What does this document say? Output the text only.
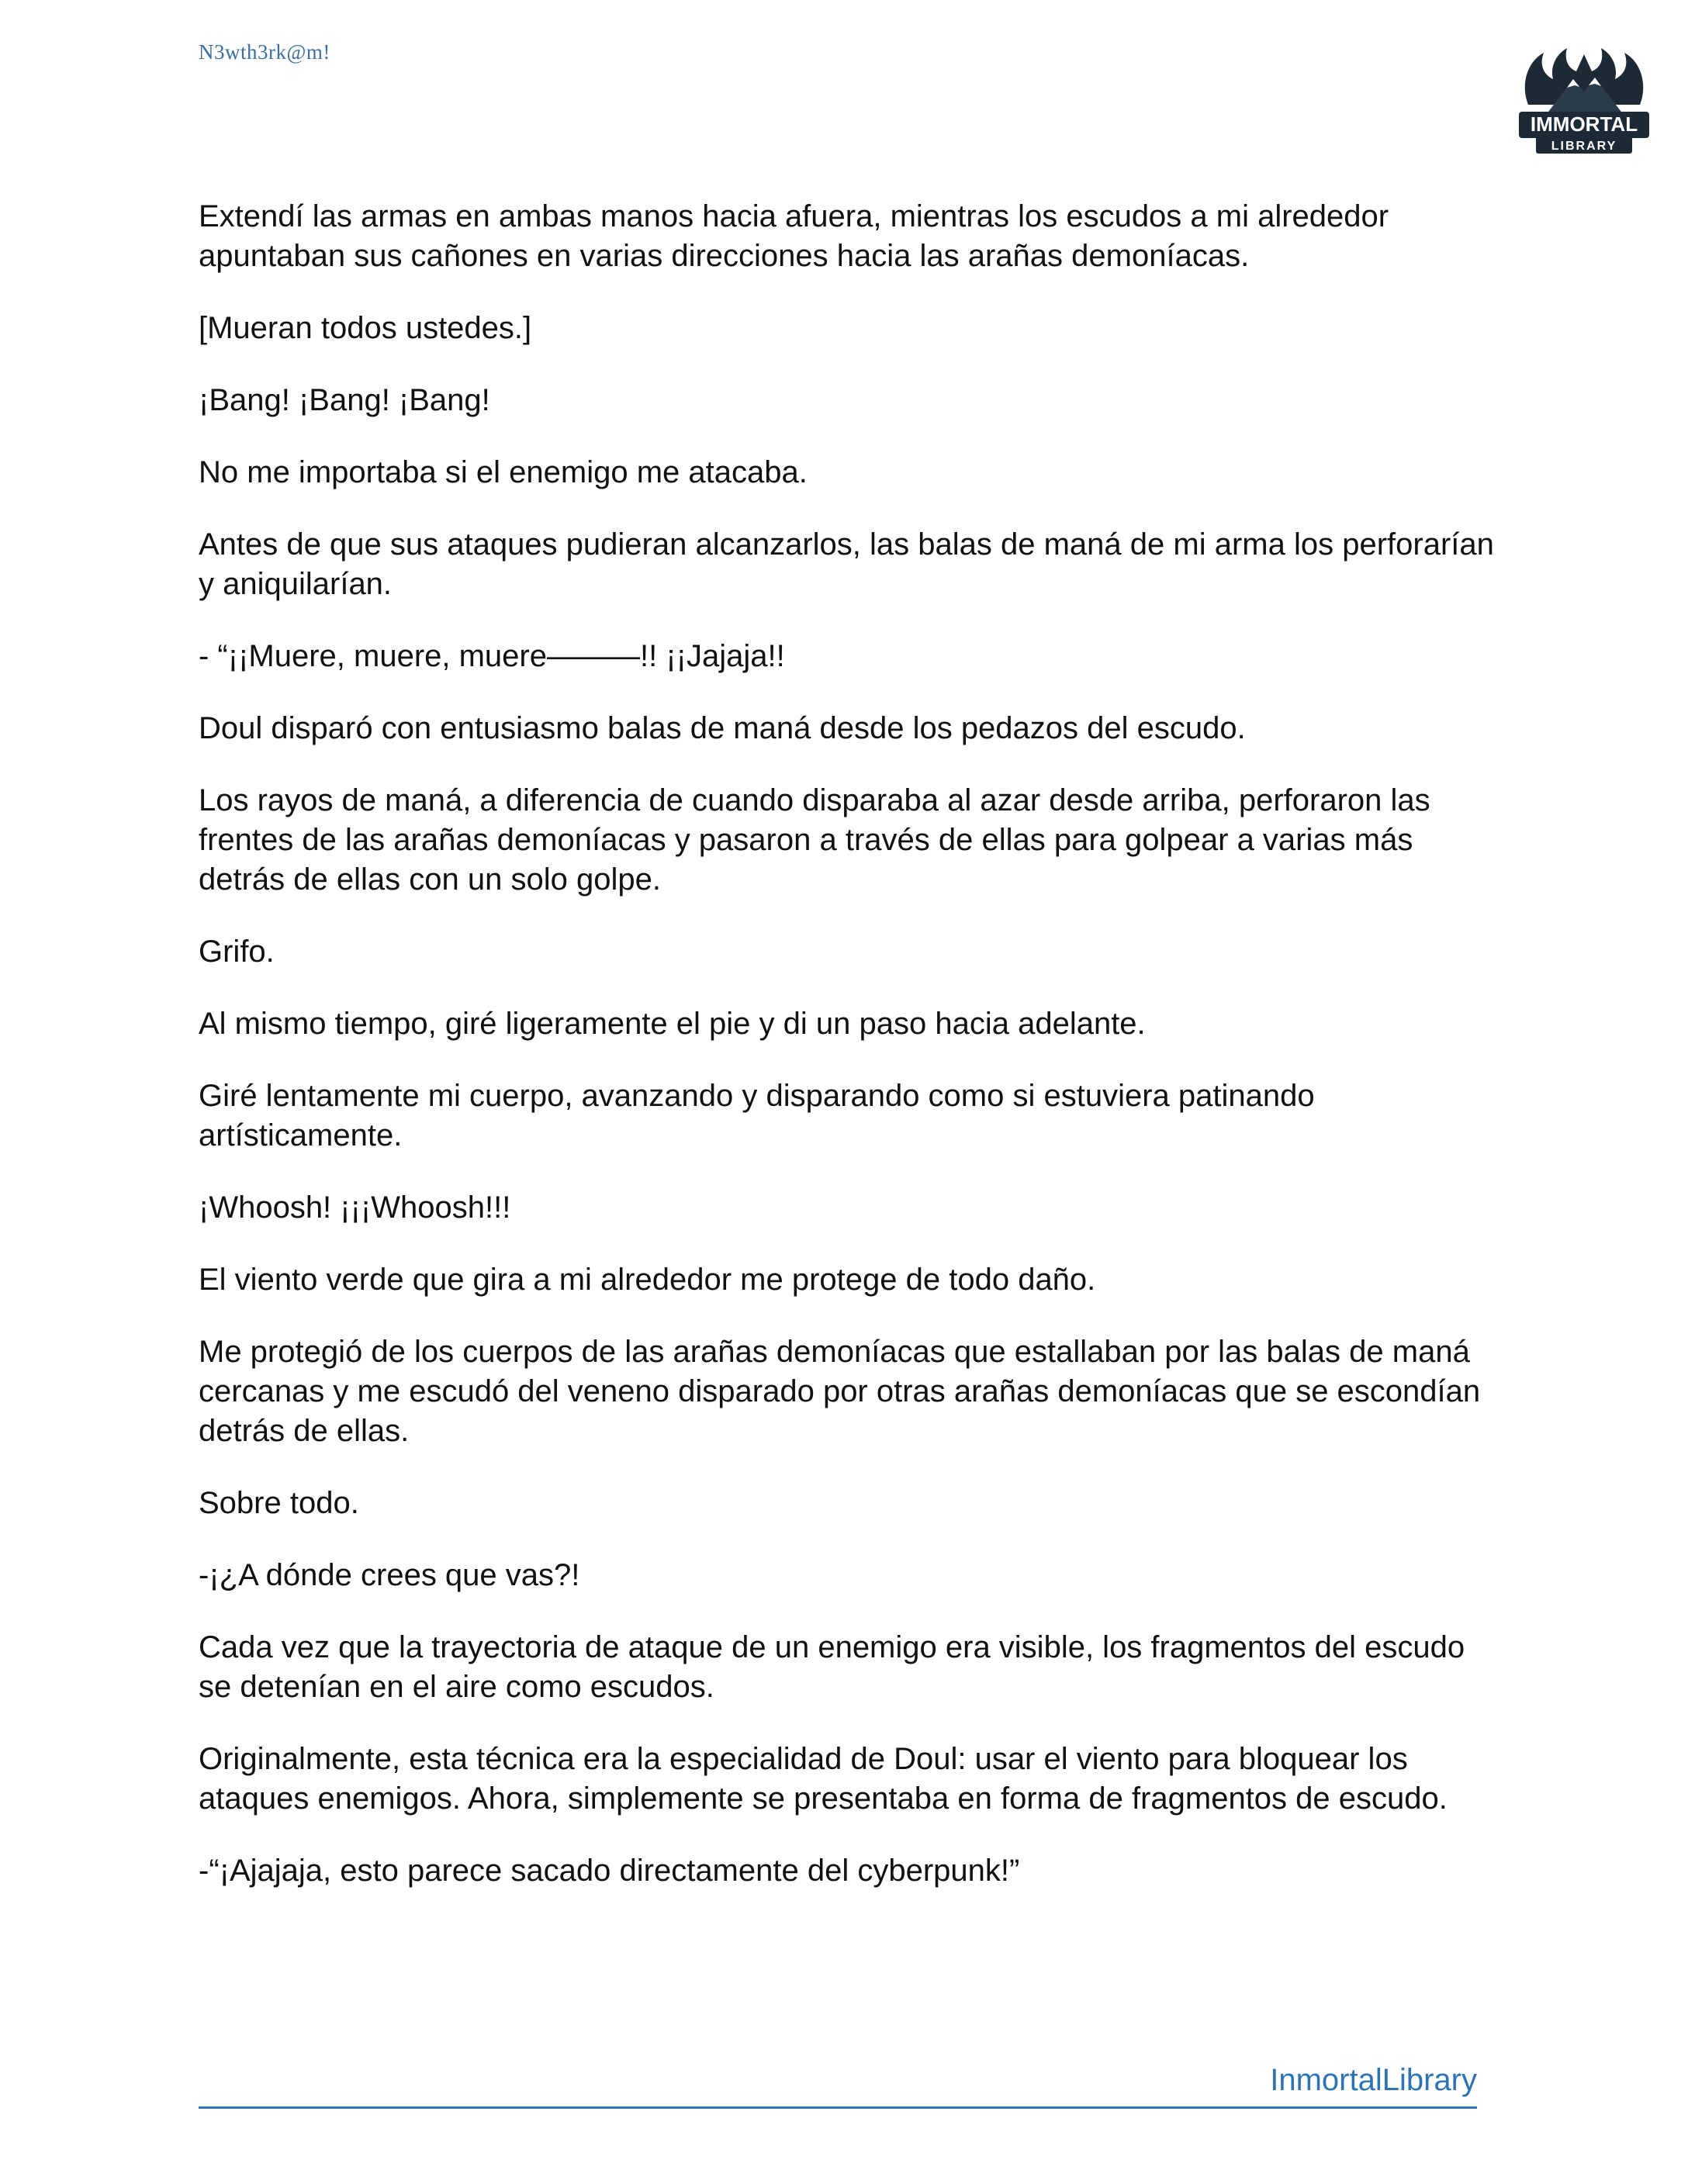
N3wth3rk@m!
IMMORTAL
LIBRARY

Extendí las armas en ambas manos hacia afuera, mientras los escudos a mi alrededor apuntaban sus cañones en varias direcciones hacia las arañas demoníacas.

[Mueran todos ustedes.]

¡Bang! ¡Bang! ¡Bang!

No me importaba si el enemigo me atacaba.

Antes de que sus ataques pudieran alcanzarlos, las balas de maná de mi arma los perforarían y aniquilarían.

- “¡¡Muere, muere, muere———!! ¡¡Jajaja!!

Doul disparó con entusiasmo balas de maná desde los pedazos del escudo.

Los rayos de maná, a diferencia de cuando disparaba al azar desde arriba, perforaron las frentes de las arañas demoníacas y pasaron a través de ellas para golpear a varias más detrás de ellas con un solo golpe.

Grifo.

Al mismo tiempo, giré ligeramente el pie y di un paso hacia adelante.

Giré lentamente mi cuerpo, avanzando y disparando como si estuviera patinando artísticamente.

¡Whoosh! ¡¡¡Whoosh!!!

El viento verde que gira a mi alrededor me protege de todo daño.

Me protegió de los cuerpos de las arañas demoníacas que estallaban por las balas de maná cercanas y me escudó del veneno disparado por otras arañas demoníacas que se escondían detrás de ellas.

Sobre todo.

-¡¿A dónde crees que vas?!

Cada vez que la trayectoria de ataque de un enemigo era visible, los fragmentos del escudo se detenían en el aire como escudos.

Originalmente, esta técnica era la especialidad de Doul: usar el viento para bloquear los ataques enemigos. Ahora, simplemente se presentaba en forma de fragmentos de escudo.

-“¡Ajajaja, esto parece sacado directamente del cyberpunk!”

InmortalLibrary
